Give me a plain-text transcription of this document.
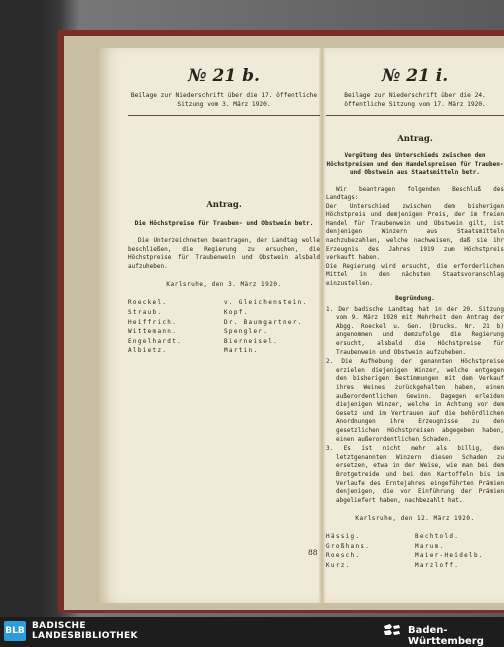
№ 21 b.
Beilage zur Niederschrift über die 17. öffentliche Sitzung vom 3. März 1920.
Antrag.
Die Höchstpreise für Trauben- und Obstwein betr.
Die Unterzeichneten beantragen, der Landtag wolle beschließen, die Regierung zu ersuchen, die Höchstpreise für Traubenwein und Obstwein alsbald aufzuheben.
Karlsruhe, den 3. März 1920.
Roeckel.	v. Gleichenstein.
Straub.	Kopf.
Heiffrich.	Dr. Baumgartner.
Wittemann.	Spengler.
Engelhardt.	Bierneisel.
Albietz.	Martin.
№ 21 i.
Beilage zur Niederschrift über die 24. öffentliche Sitzung vom 17. März 1920.
Antrag.
Vergütung des Unterschieds zwischen den Höchstpreisen und den Handelspreisen für Trauben- und Obstwein aus Staatsmitteln betr.
Wir beantragen folgenden Beschluß des Landtags:
Der Unterschied zwischen dem bisherigen Höchstpreis und demjenigen Preis, der im freien Handel für Traubenwein und Obstwein gilt, ist denjenigen Winzern aus Staatsmitteln nachzubezahlen, welche nachweisen, daß sie ihr Erzeugnis des Jahres 1919 zum Höchstpreis verkauft haben.
Die Regierung wird ersucht, die erforderlichen Mittel in den nächsten Staatsvoranschlag einzustellen.
Begründung.
1. Der badische Landtag hat in der 20. Sitzung vom 9. März 1920 mit Mehrheit den Antrag der Abgg. Roeckel u. Gen. (Drucks. Nr. 21 b) angenommen und demzufolge die Regierung ersucht, alsbald die Höchstpreise für Traubenwein und Obstwein aufzuheben.
2. Die Aufhebung der genannten Höchstpreise erzielen diejenigen Winzer, welche entgegen den bisherigen Bestimmungen mit dem Verkauf ihres Weines zurückgehalten haben, einen außerordentlichen Gewinn. Dagegen erleiden diejenigen Winzer, welche in Achtung vor dem Gesetz und im Vertrauen auf die behördlichen Anordnungen ihre Erzeugnisse zu den gesetzlichen Höchstpreisen abgegeben haben, einen außerordentlichen Schaden.
3. Es ist nicht mehr als billig, den letztgenannten Winzern diesen Schaden zu ersetzen, etwa in der Weise, wie man bei dem Brotgetreide und bei den Kartoffeln bis im Verlaufe des Erntejahres eingeführten Prämien denjenigen, die vor Einführung der Prämien abgeliefert haben, nachbezahlt hat.
Karlsruhe, den 12. März 1920.
Hässig.	Bechtold.
Großhans.	Marum.
Roesch.	Maier-Heidelb.
Kurz.	Marzloff.
88
BLB BADISCHE
LANDESBIBLIOTHEK	Baden-Württemberg
